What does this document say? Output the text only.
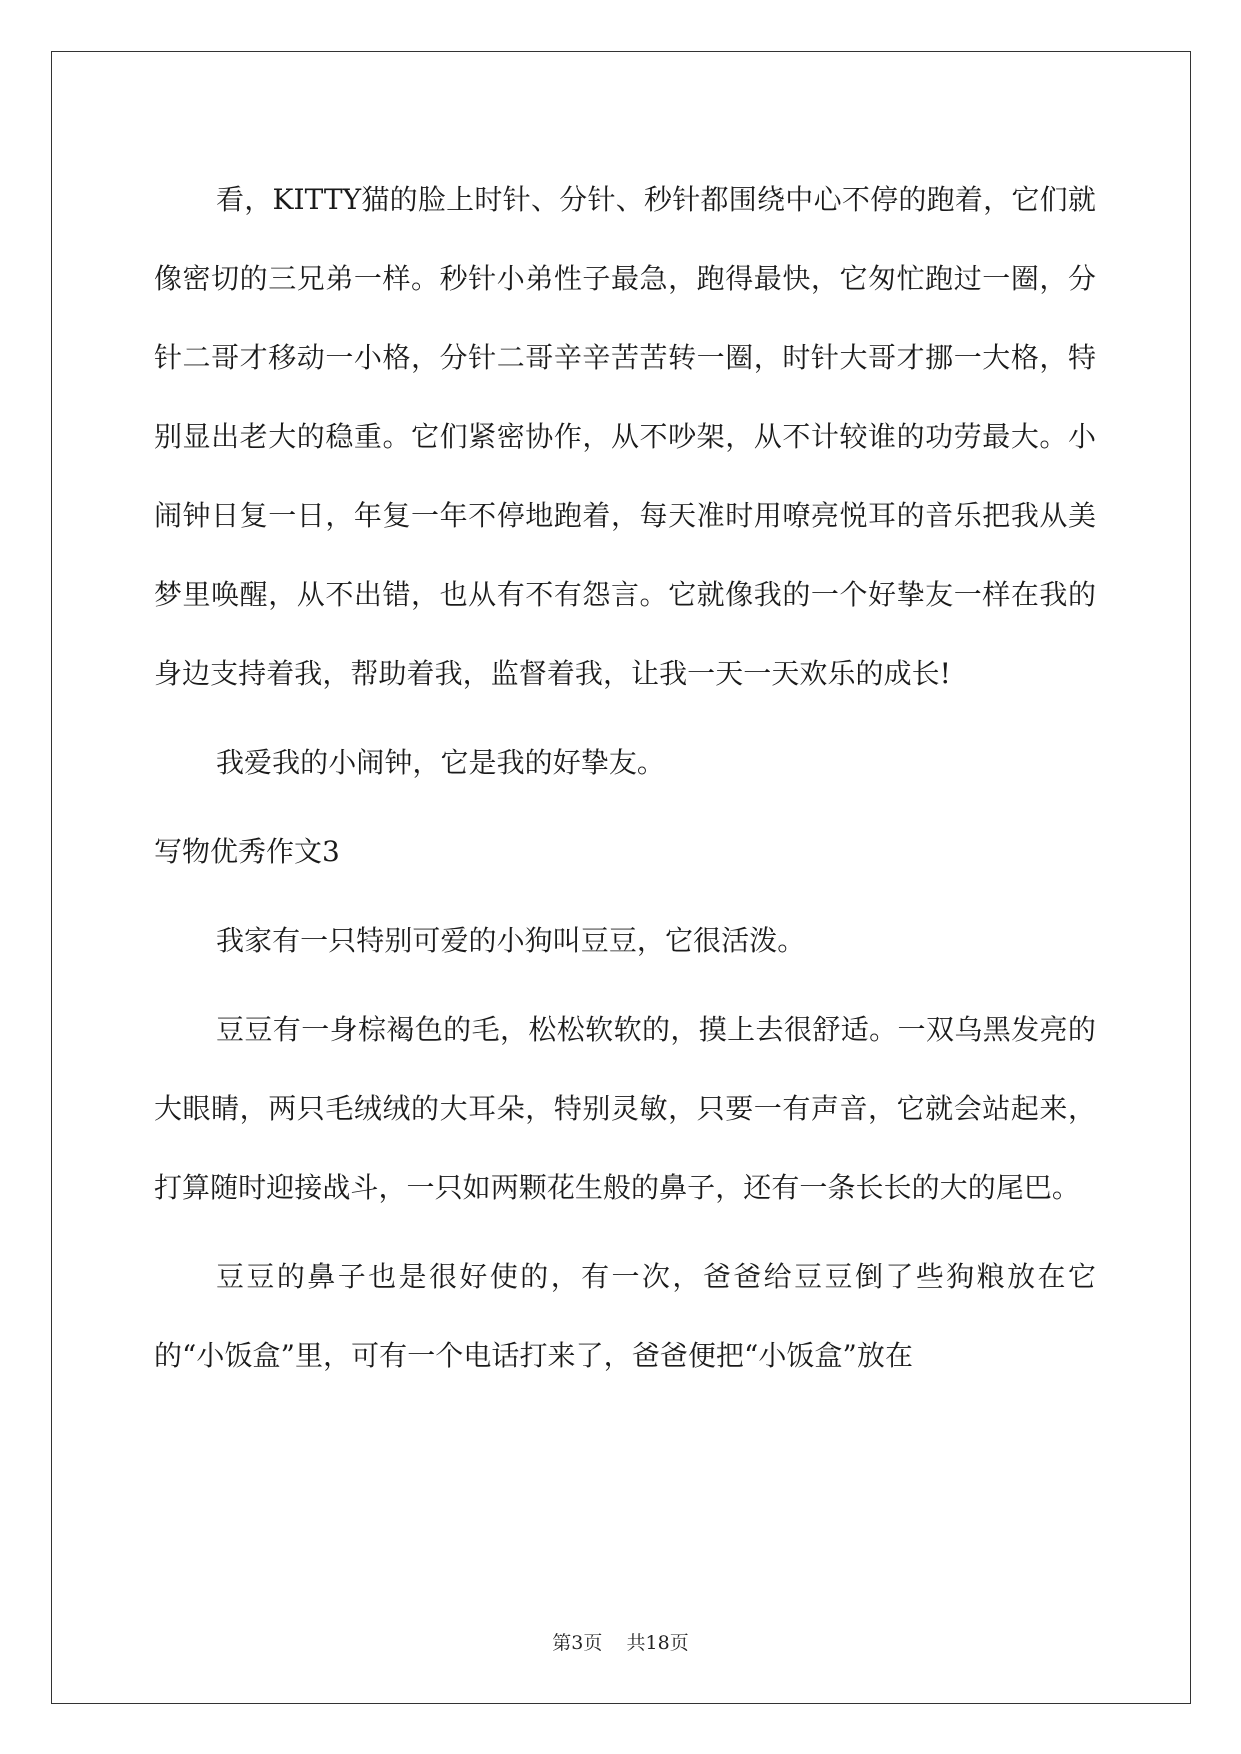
看，KITTY猫的脸上时针、分针、秒针都围绕中心不停的跑着，它们就像密切的三兄弟一样。秒针小弟性子最急，跑得最快，它匆忙跑过一圈，分针二哥才移动一小格，分针二哥辛辛苦苦转一圈，时针大哥才挪一大格，特别显出老大的稳重。它们紧密协作，从不吵架，从不计较谁的功劳最大。小闹钟日复一日，年复一年不停地跑着，每天准时用嘹亮悦耳的音乐把我从美梦里唤醒，从不出错，也从有不有怨言。它就像我的一个好挚友一样在我的身边支持着我，帮助着我，监督着我，让我一天一天欢乐的成长!

我爱我的小闹钟，它是我的好挚友。

写物优秀作文3

我家有一只特别可爱的小狗叫豆豆，它很活泼。

豆豆有一身棕褐色的毛，松松软软的，摸上去很舒适。一双乌黑发亮的大眼睛，两只毛绒绒的大耳朵，特别灵敏，只要一有声音，它就会站起来，打算随时迎接战斗，一只如两颗花生般的鼻子，还有一条长长的大的尾巴。

豆豆的鼻子也是很好使的，有一次，爸爸给豆豆倒了些狗粮放在它的“小饭盒”里，可有一个电话打来了，爸爸便把“小饭盒”放在

第3页 共18页
